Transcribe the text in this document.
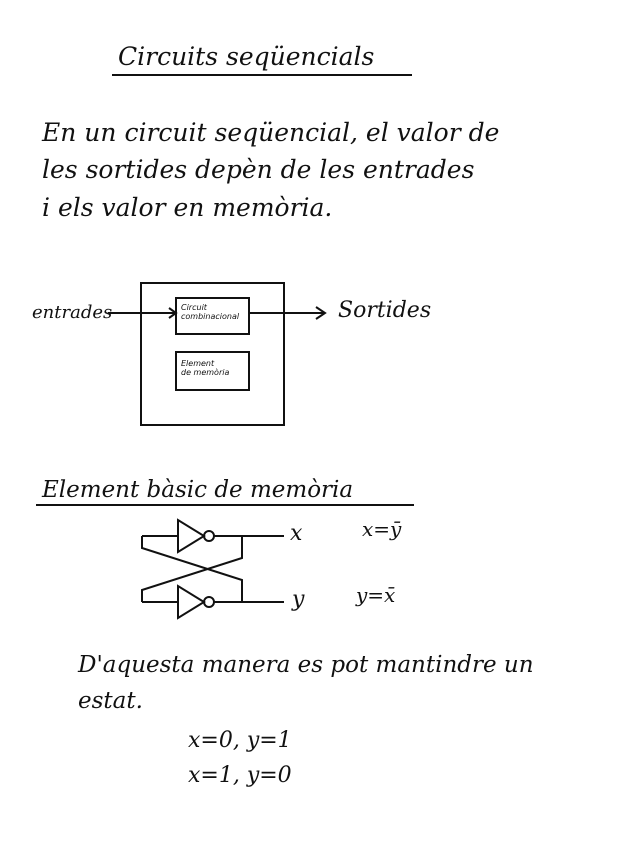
Circuits seqüencials
En un circuit seqüencial, el valor de
les sortides depèn de les entrades
i els valor en memòria.
entrades	Sortides
Circuit
combinacional
Element
de memòria
Element bàsic de memòria
x
y
x=ȳ
y=x̄
D'aquesta manera es pot mantindre un
estat.
x=0, y=1
x=1, y=0
